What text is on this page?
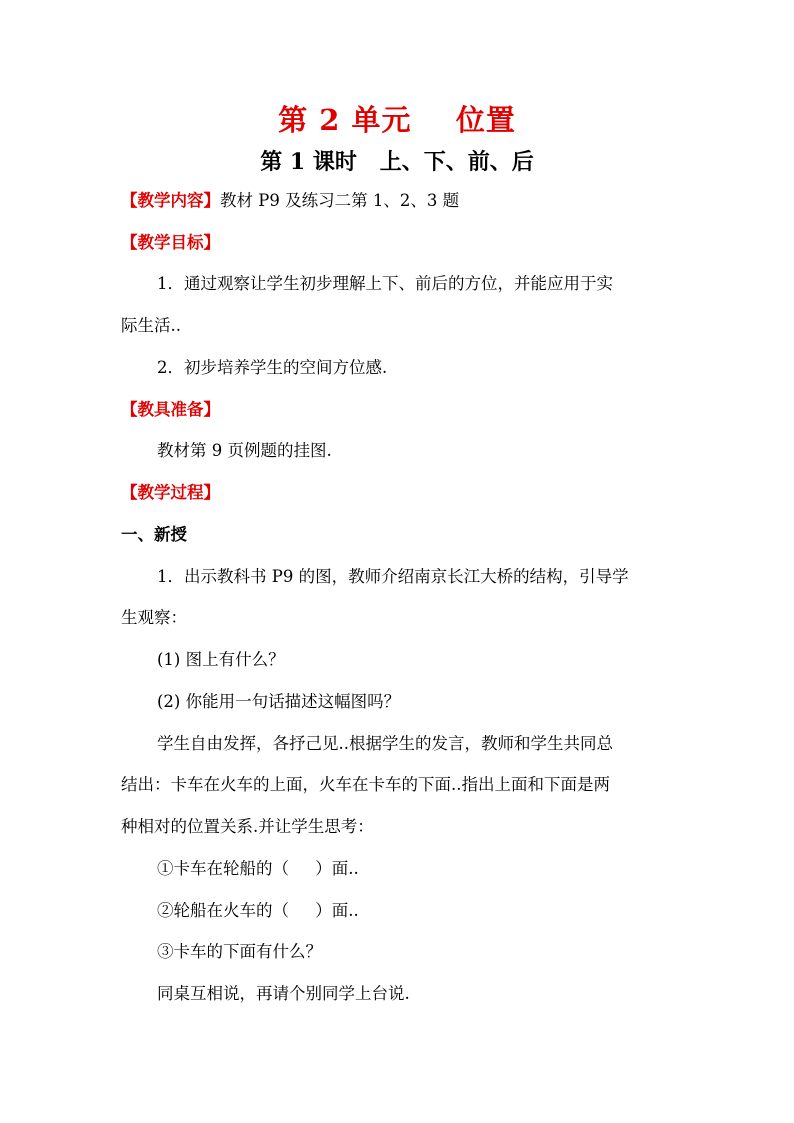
第 2 单元    位置
第 1 课时   上、下、前、后
【教学内容】教材 P9 及练习二第 1、2、3 题
【教学目标】
1．通过观察让学生初步理解上下、前后的方位，并能应用于实
际生活..
2．初步培养学生的空间方位感.
【教具准备】
教材第 9 页例题的挂图.
【教学过程】
一、新授
1．出示教科书 P9 的图，教师介绍南京长江大桥的结构，引导学
生观察：
(1) 图上有什么？
(2) 你能用一句话描述这幅图吗？
学生自由发挥，各抒己见..根据学生的发言，教师和学生共同总
结出：卡车在火车的上面，火车在卡车的下面..指出上面和下面是两
种相对的位置关系.并让学生思考：
①卡车在轮船的（     ）面..
②轮船在火车的（     ）面..
③卡车的下面有什么？
同桌互相说，再请个别同学上台说.
